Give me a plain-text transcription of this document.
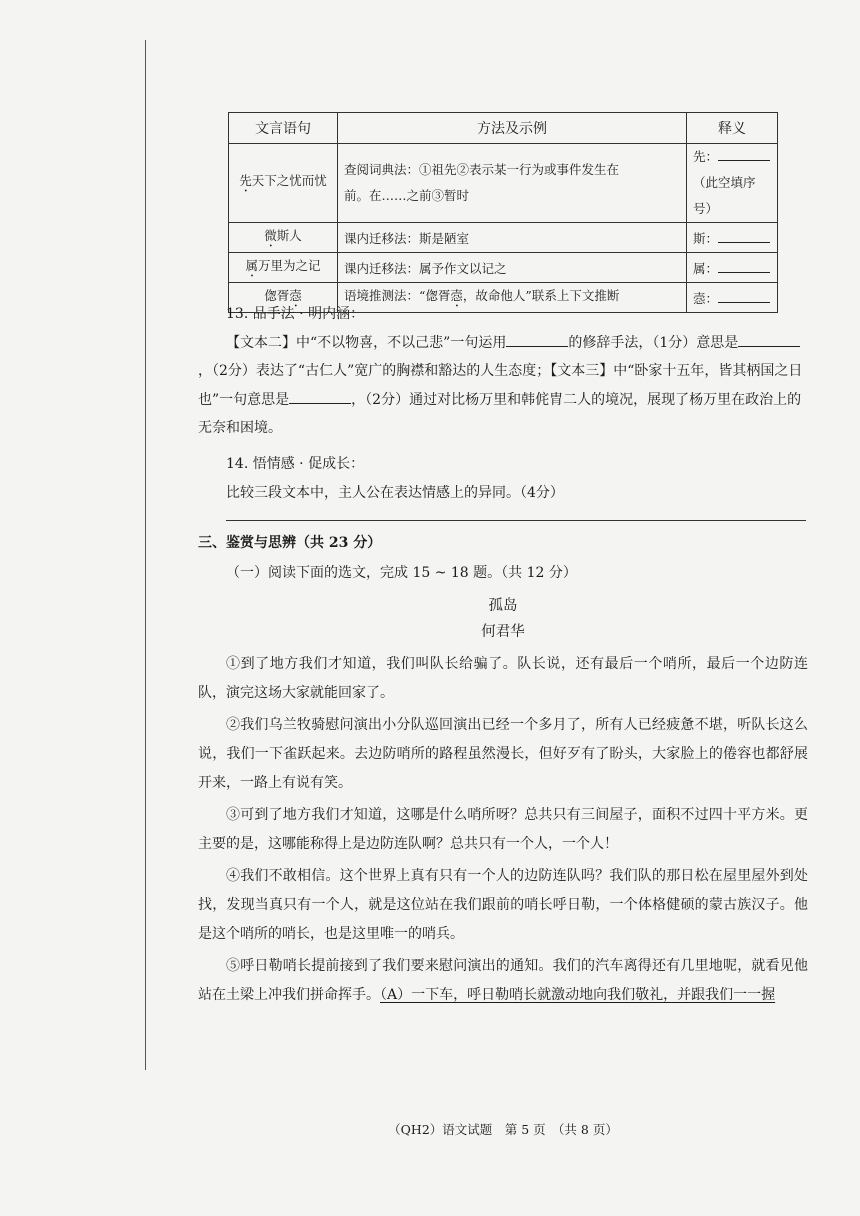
文言语句	方法及示例	释义
先天下之忧而忧	查阅词典法：①祖先②表示某一行为或事件发生在
前。在……之前③暂时	先：
（此空填序号）
微斯人	课内迁移法：斯是陋室	斯：
属万里为之记	课内迁移法：属予作文以记之	属：
偬胥悫	语境推测法：“偬胥悫，故命他人”联系上下文推断	悫：

13. 品手法 · 明内涵：

【文本二】中“不以物喜，不以己悲”一句运用	的修辞手法，（1分）意思是，（2分）表达了“古仁人”宽广的胸襟和豁达的人生态度；【文本三】中“卧家十五年，皆其柄国之日也”一句意思是	，（2分）通过对比杨万里和韩侂胄二人的境况，展现了杨万里在政治上的无奈和困境。

14. 悟情感 · 促成长：

比较三段文本中，主人公在表达情感上的异同。（4分）

三、鉴赏与思辨（共 23 分）
（一）阅读下面的选文，完成 15 ~ 18 题。（共 12 分）
孤岛
何君华

①到了地方我们才知道，我们叫队长给骗了。队长说，还有最后一个哨所，最后一个边防连队，演完这场大家就能回家了。

②我们乌兰牧骑慰问演出小分队巡回演出已经一个多月了，所有人已经疲惫不堪，听队长这么说，我们一下雀跃起来。去边防哨所的路程虽然漫长，但好歹有了盼头，大家脸上的倦容也都舒展开来，一路上有说有笑。

③可到了地方我们才知道，这哪是什么哨所呀？总共只有三间屋子，面积不过四十平方米。更主要的是，这哪能称得上是边防连队啊？总共只有一个人，一个人！

④我们不敢相信。这个世界上真有只有一个人的边防连队吗？我们队的那日松在屋里屋外到处找，发现当真只有一个人，就是这位站在我们跟前的哨长呼日勒，一个体格健硕的蒙古族汉子。他是这个哨所的哨长，也是这里唯一的哨兵。

⑤呼日勒哨长提前接到了我们要来慰问演出的通知。我们的汽车离得还有几里地呢，就看见他站在土梁上冲我们拼命挥手。（A）一下车，呼日勒哨长就激动地向我们敬礼，并跟我们一一握

（QH2）语文试题　第 5 页　（共 8 页）
